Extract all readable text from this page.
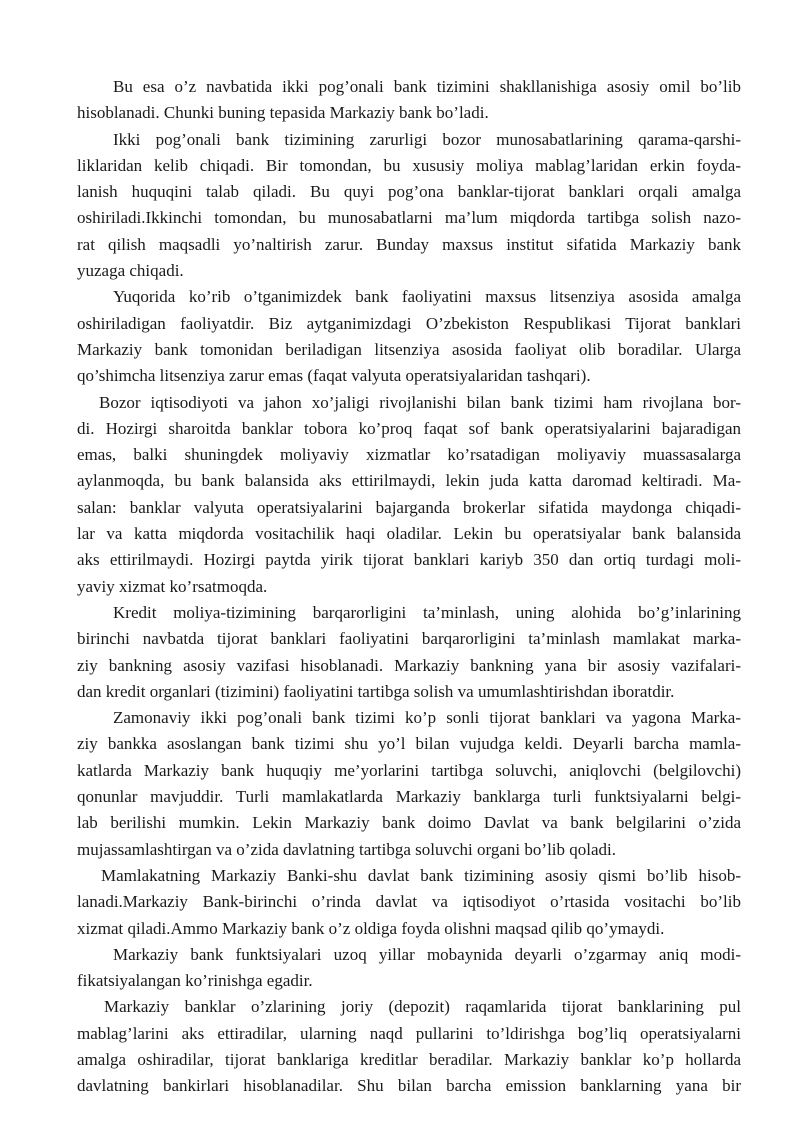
Bu esa o’z navbatida ikki pog’onali bank tizimini shakllanishiga asosiy omil bo’lib
hisoblanadi. Chunki buning tepasida Markaziy bank bo’ladi.
Ikki pog’onali bank tizimining zarurligi bozor munosabatlarining qarama-qarshi-
liklaridan kelib chiqadi. Bir tomondan, bu xususiy moliya mablag’laridan erkin foyda-
lanish huquqini talab qiladi. Bu quyi pog’ona banklar-tijorat banklari orqali amalga
oshiriladi.Ikkinchi tomondan, bu munosabatlarni ma’lum miqdorda tartibga solish nazo-
rat qilish maqsadli yo’naltirish zarur. Bunday maxsus institut sifatida Markaziy bank
yuzaga chiqadi.
Yuqorida ko’rib o’tganimizdek bank faoliyatini maxsus litsenziya asosida amalga
oshiriladigan faoliyatdir. Biz aytganimizdagi O’zbekiston Respublikasi Tijorat banklari
Markaziy bank tomonidan beriladigan litsenziya asosida faoliyat olib boradilar. Ularga
qo’shimcha litsenziya zarur emas (faqat valyuta operatsiyalaridan tashqari).
Bozor iqtisodiyoti va jahon xo’jaligi rivojlanishi bilan bank tizimi ham rivojlana bor-
di. Hozirgi sharoitda banklar tobora ko’proq faqat sof bank operatsiyalarini bajaradigan
emas, balki shuningdek moliyaviy xizmatlar ko’rsatadigan moliyaviy muassasalarga
aylanmoqda, bu bank balansida aks ettirilmaydi, lekin juda katta daromad keltiradi. Ma-
salan: banklar valyuta operatsiyalarini bajarganda brokerlar sifatida maydonga chiqadi-
lar va katta miqdorda vositachilik haqi oladilar. Lekin bu operatsiyalar bank balansida
aks ettirilmaydi. Hozirgi paytda yirik tijorat banklari kariyb 350 dan ortiq turdagi moli-
yaviy xizmat ko’rsatmoqda.
Kredit moliya-tizimining barqarorligini ta’minlash, uning alohida bo’g’inlarining
birinchi navbatda tijorat banklari faoliyatini barqarorligini ta’minlash mamlakat marka-
ziy bankning asosiy vazifasi hisoblanadi. Markaziy bankning yana bir asosiy vazifalari-
dan kredit organlari (tizimini) faoliyatini tartibga solish va umumlashtirishdan iboratdir.
Zamonaviy ikki pog’onali bank tizimi ko’p sonli tijorat banklari va yagona Marka-
ziy bankka asoslangan bank tizimi shu yo’l bilan vujudga keldi. Deyarli barcha mamla-
katlarda Markaziy bank huquqiy me’yorlarini tartibga soluvchi, aniqlovchi (belgilovchi)
qonunlar mavjuddir. Turli mamlakatlarda Markaziy banklarga turli funktsiyalarni belgi-
lab berilishi mumkin. Lekin Markaziy bank doimo Davlat va bank belgilarini o’zida
mujassamlashtirgan va o’zida davlatning tartibga soluvchi organi bo’lib qoladi.
Mamlakatning Markaziy Banki-shu davlat bank tizimining asosiy qismi bo’lib hisob-
lanadi.Markaziy Bank-birinchi o’rinda davlat va iqtisodiyot o’rtasida vositachi bo’lib
xizmat qiladi.Ammo Markaziy bank o’z oldiga foyda olishni maqsad qilib qo’ymaydi.
Markaziy bank funktsiyalari uzoq yillar mobaynida deyarli o’zgarmay aniq modi-
fikatsiyalangan ko’rinishga egadir.
Markaziy banklar o’zlarining joriy (depozit) raqamlarida tijorat banklarining pul
mablag’larini aks ettiradilar, ularning naqd pullarini to’ldirishga bog’liq operatsiyalarni
amalga oshiradilar, tijorat banklariga kreditlar beradilar. Markaziy banklar ko’p hollarda
davlatning bankirlari hisoblanadilar. Shu bilan barcha emission banklarning yana bir
